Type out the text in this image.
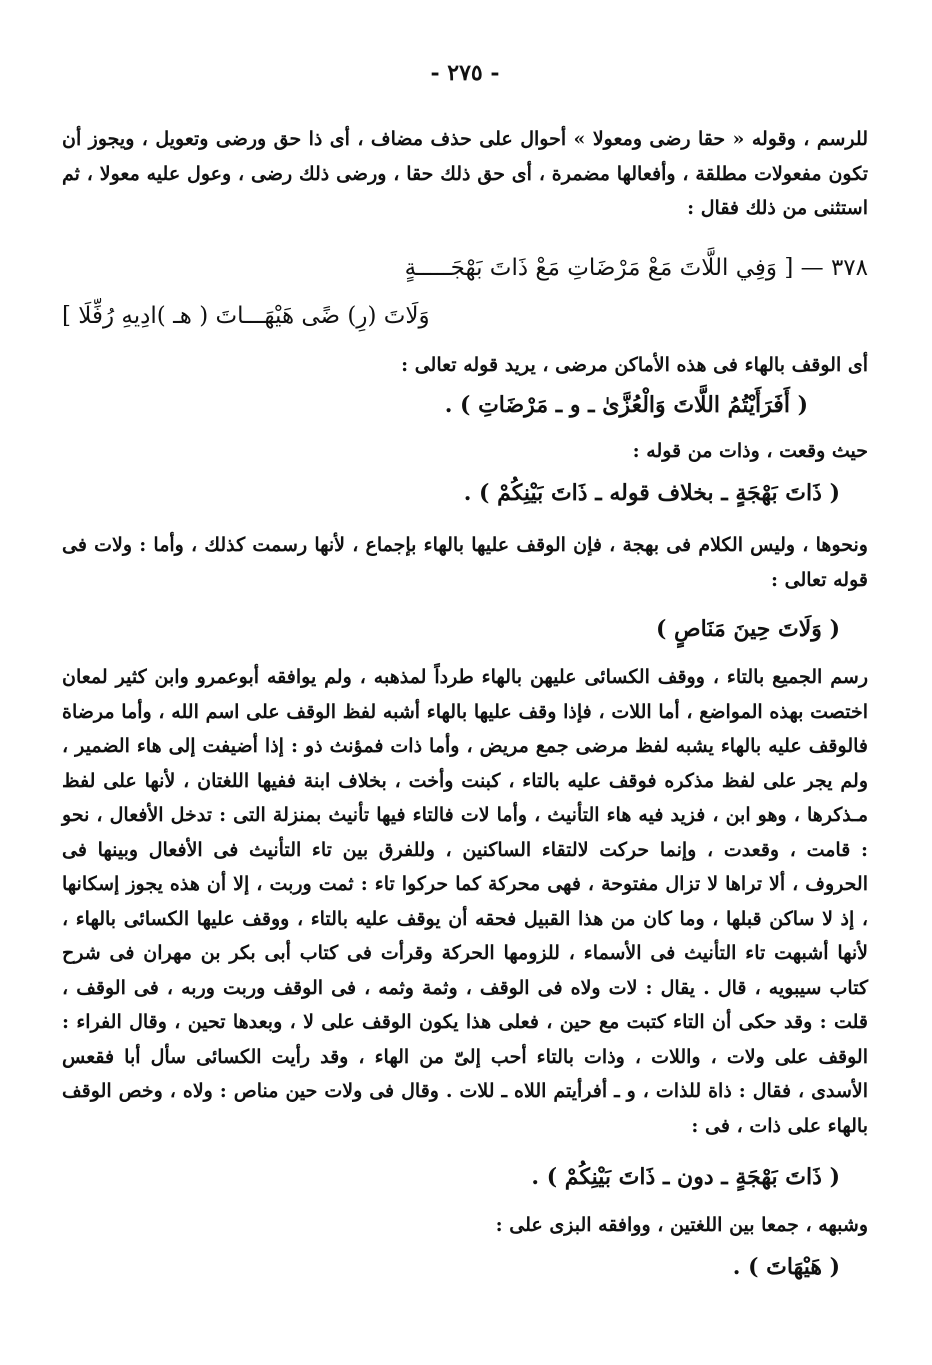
- ٢٧٥ -

للرسم ، وقوله « حقا رضى ومعولا » أحوال على حذف مضاف ، أى ذا حق ورضى وتعويل ، ويجوز أن تكون مفعولات مطلقة ، وأفعالها مضمرة ، أى حق ذلك حقا ، ورضى ذلك رضى ، وعول عليه معولا ، ثم استثنى من ذلك فقال :

٣٧٨ — [ وَفِي اللَّاتَ مَعْ مَرْضَاتِ مَعْ ذَاتَ بَهْجَـــــةٍ
وَلَاتَ (رِ) ضًى هَيْهَـــاتَ ( هـ )ادِيهِ رُفِّلَا ]

أى الوقف بالهاء فى هذه الأماكن مرضى ، يريد قوله تعالى :

( أَفَرَأَيْتُمُ اللَّاتَ وَالْعُزَّىٰ ـ و ـ مَرْضَاتِ ) .

حيث وقعت ، وذات من قوله :

( ذَاتَ بَهْجَةٍ ـ بخلاف قوله ـ ذَاتَ بَيْنِكُمْ ) .

ونحوها ، وليس الكلام فى بهجة ، فإن الوقف عليها بالهاء بإجماع ، لأنها رسمت كذلك ، وأما : ولات فى قوله تعالى :

( وَلَاتَ حِينَ مَنَاصٍ )

رسم الجميع بالتاء ، ووقف الكسائى عليهن بالهاء طرداً لمذهبه ، ولم يوافقه أبوعمرو وابن كثير لمعان اختصت بهذه المواضع ، أما اللات ، فإذا وقف عليها بالهاء أشبه لفظ الوقف على اسم الله ، وأما مرضاة فالوقف عليه بالهاء يشبه لفظ مرضى جمع مريض ، وأما ذات فمؤنث ذو : إذا أضيفت إلى هاء الضمير ، ولم يجر على لفظ مذكره فوقف عليه بالتاء ، كبنت وأخت ، بخلاف ابنة ففيها اللغتان ، لأنها على لفظ مـذكرها ، وهو ابن ، فزيد فيه هاء التأنيث ، وأما لات فالتاء فيها تأنيث بمنزلة التى : تدخل الأفعال ، نحو : قامت ، وقعدت ، وإنما حركت لالتقاء الساكنين ، وللفرق بين تاء التأنيث فى الأفعال وبينها فى الحروف ، ألا تراها لا تزال مفتوحة ، فهى محركة كما حركوا تاء : ثمت وربت ، إلا أن هذه يجوز إسكانها ، إذ لا ساكن قبلها ، وما كان من هذا القبيل فحقه أن يوقف عليه بالتاء ، ووقف عليها الكسائى بالهاء ، لأنها أشبهت تاء التأنيث فى الأسماء ، للزومها الحركة وقرأت فى كتاب أبى بكر بن مهران فى شرح كتاب سيبويه ، قال . يقال : لات ولاه فى الوقف ، وثمة وثمه ، فى الوقف وربت وربه ، فى الوقف ، قلت : وقد حكى أن التاء كتبت مع حين ، فعلى هذا يكون الوقف على لا ، وبعدها تحين ، وقال الفراء : الوقف على ولات ، واللات ، وذات بالتاء أحب إلىّ من الهاء ، وقد رأيت الكسائى سأل أبا فقعس الأسدى ، فقال : ذاة للذات ، و ـ أفرأيتم اللاه ـ للات . وقال فى ولات حين مناص : ولاه ، وخص الوقف بالهاء على ذات ، فى :

( ذَاتَ بَهْجَةٍ ـ دون ـ ذَاتَ بَيْنِكُمْ ) .

وشبهه ، جمعا بين اللغتين ، ووافقه البزى على :

( هَيْهَاتَ ) .
